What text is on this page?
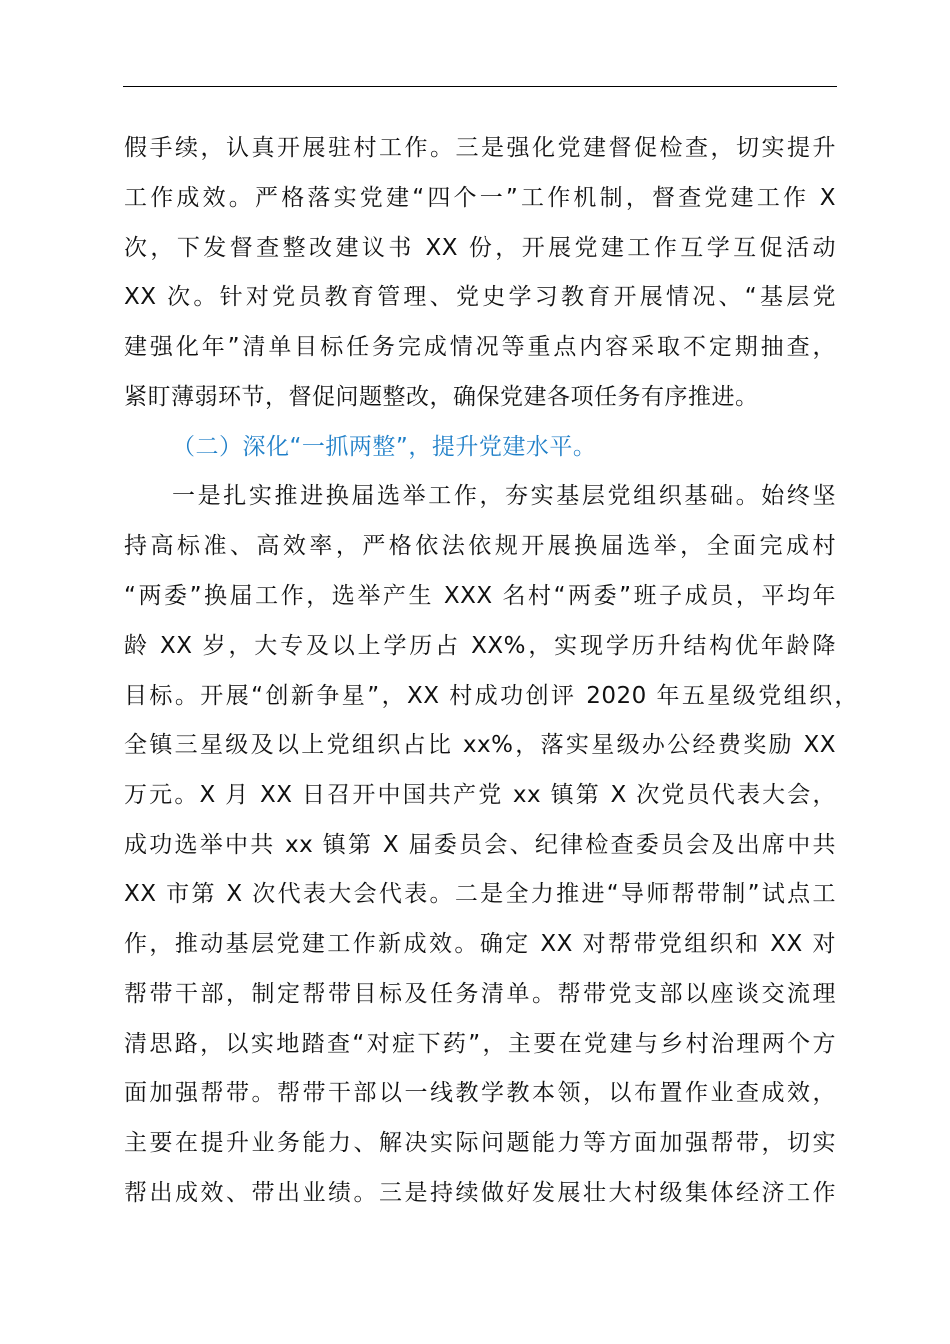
假手续，认真开展驻村工作。三是强化党建督促检查，切实提升
工作成效。严格落实党建“四个一”工作机制，督查党建工作 X
次，下发督查整改建议书 XX 份，开展党建工作互学互促活动
XX 次。针对党员教育管理、党史学习教育开展情况、“基层党
建强化年”清单目标任务完成情况等重点内容采取不定期抽查，
紧盯薄弱环节，督促问题整改，确保党建各项任务有序推进。
（二）深化“一抓两整”，提升党建水平。
一是扎实推进换届选举工作，夯实基层党组织基础。始终坚
持高标准、高效率，严格依法依规开展换届选举，全面完成村
“两委”换届工作，选举产生 XXX 名村“两委”班子成员，平均年
龄 XX 岁，大专及以上学历占 XX%，实现学历升结构优年龄降
目标。开展“创新争星”，XX 村成功创评 2020 年五星级党组织，
全镇三星级及以上党组织占比 xx%，落实星级办公经费奖励 XX
万元。X 月 XX 日召开中国共产党 xx 镇第 X 次党员代表大会，
成功选举中共 xx 镇第 X 届委员会、纪律检查委员会及出席中共
XX 市第 X 次代表大会代表。二是全力推进“导师帮带制”试点工
作，推动基层党建工作新成效。确定 XX 对帮带党组织和 XX 对
帮带干部，制定帮带目标及任务清单。帮带党支部以座谈交流理
清思路，以实地踏查“对症下药”，主要在党建与乡村治理两个方
面加强帮带。帮带干部以一线教学教本领，以布置作业查成效，
主要在提升业务能力、解决实际问题能力等方面加强帮带，切实
帮出成效、带出业绩。三是持续做好发展壮大村级集体经济工作
